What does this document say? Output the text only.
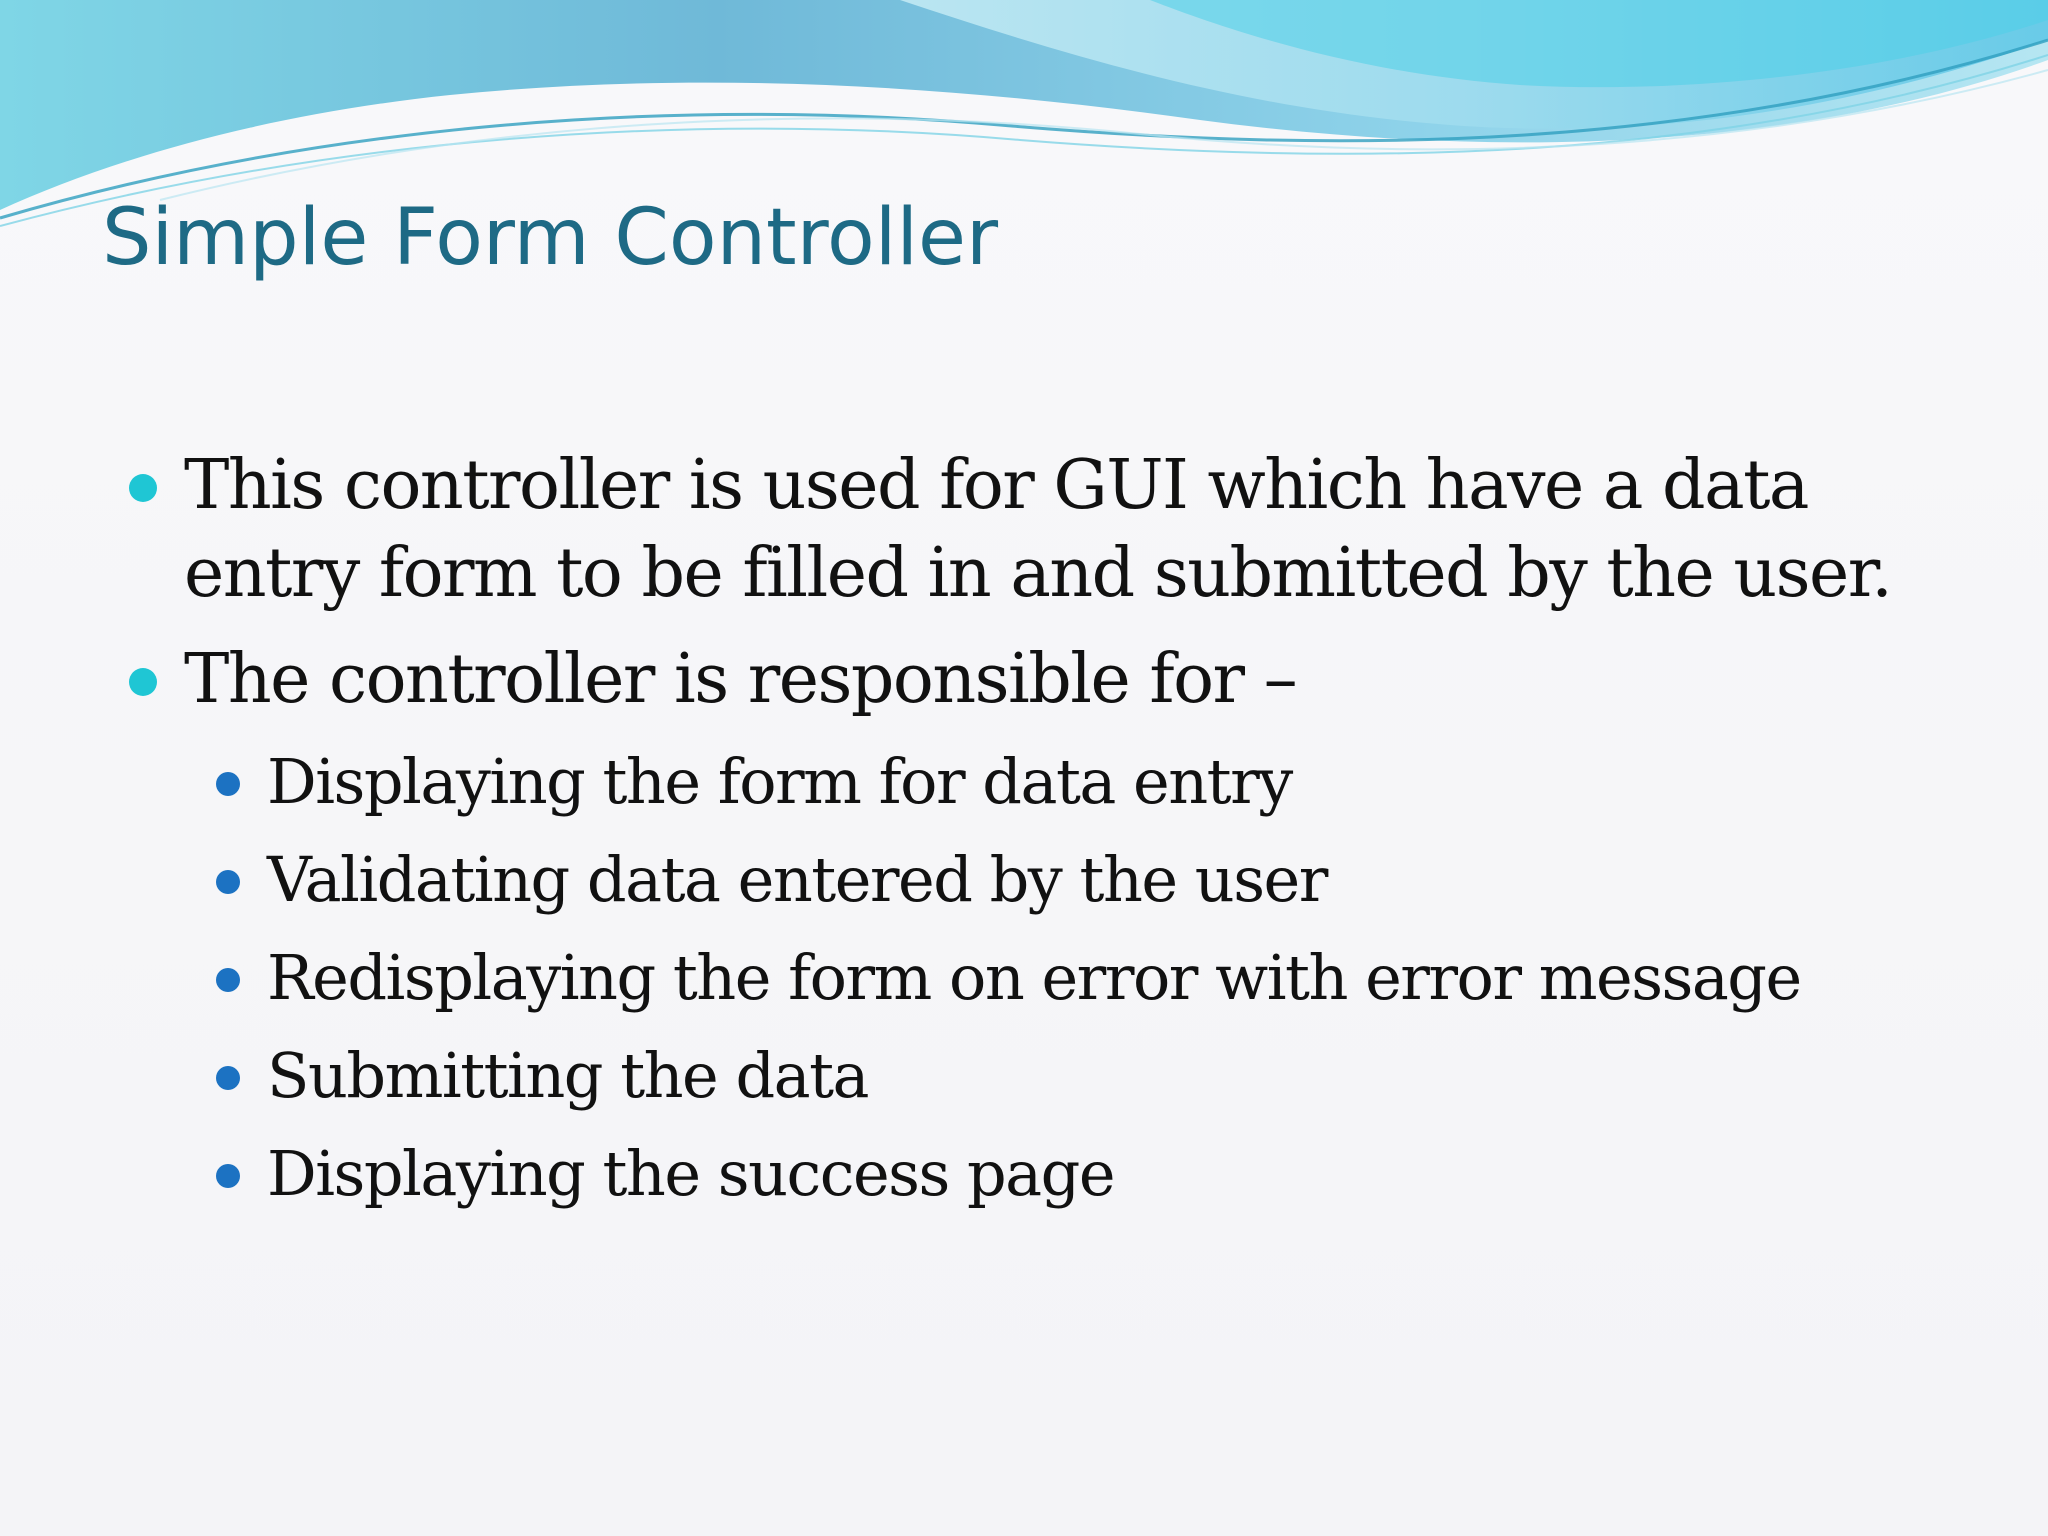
Simple Form Controller
This controller is used for GUI which have a data entry form to be filled in and submitted by the user.
The controller is responsible for –
Displaying the form for data entry
Validating data entered by the user
Redisplaying the form on error with error message
Submitting the data
Displaying the success page
